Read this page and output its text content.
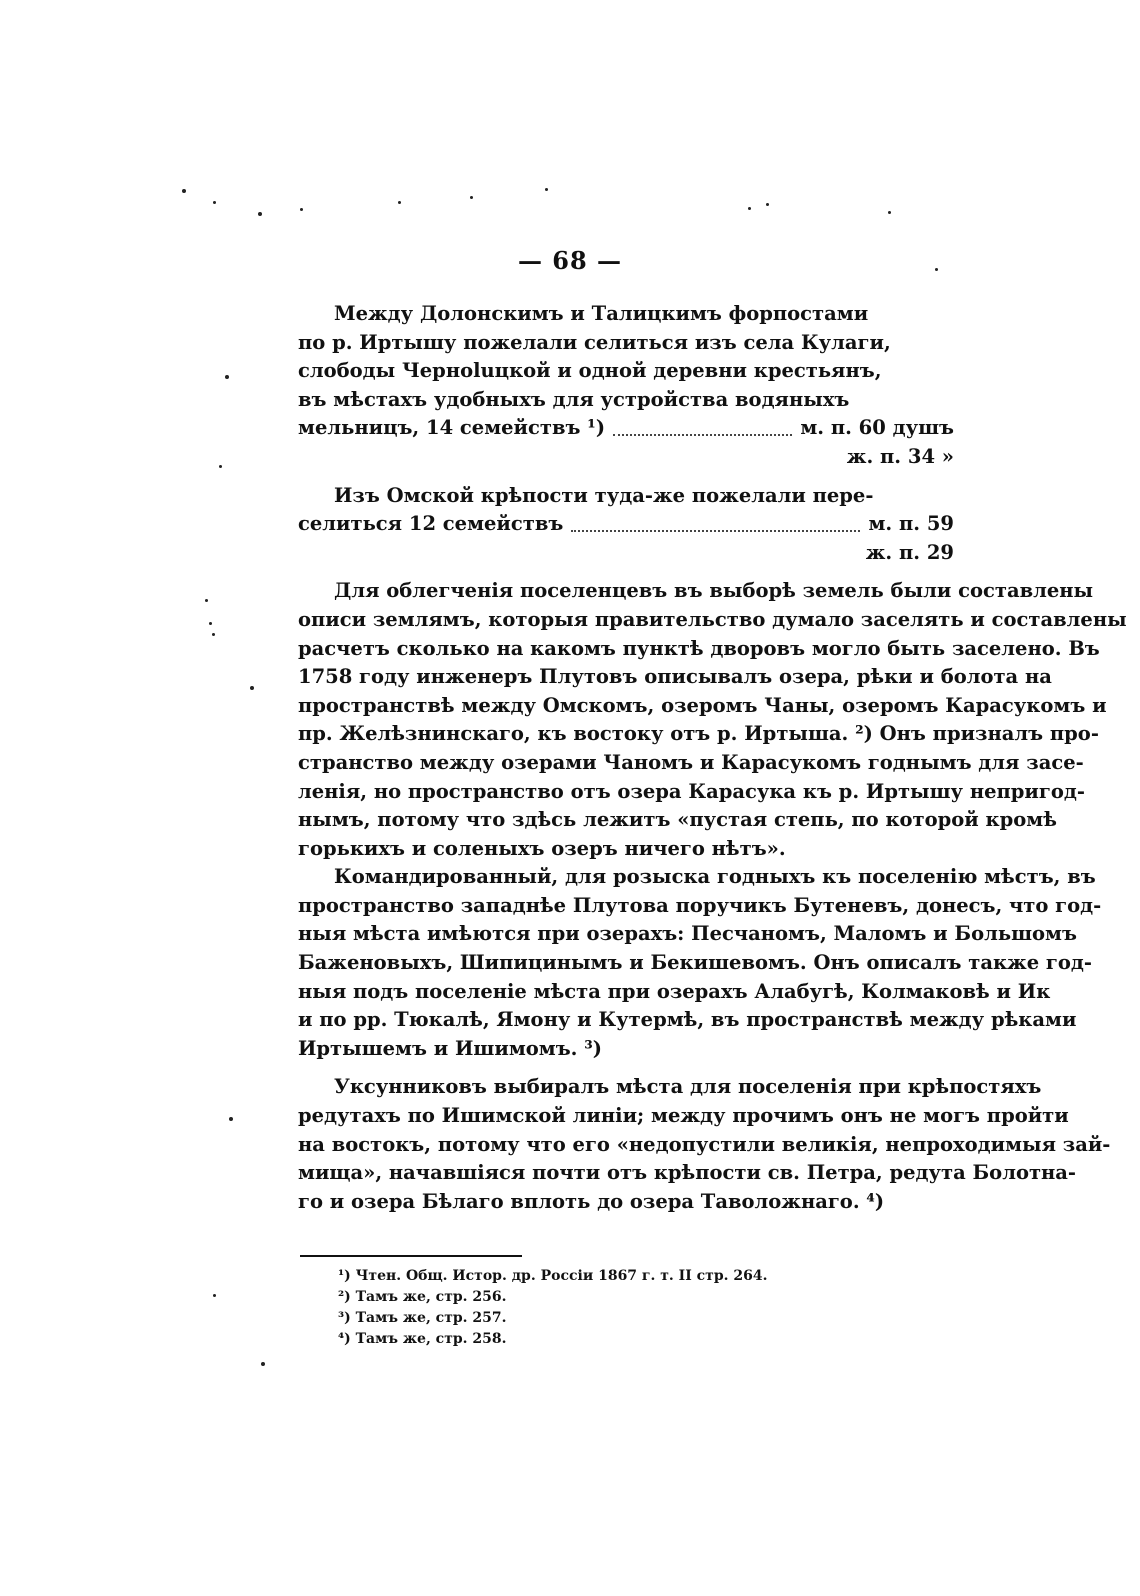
— 68 —
Между Долонскимъ и Талицкимъ форпостами
по р. Иртышу пожелали селиться изъ села Кулаги,
слободы Черноluцкой и одной деревни крестьянъ,
въ мѣстахъ удобныхъ для устройства водяныхъ
мельницъ, 14 семействъ ¹)	м. п. 60 душъ
ж. п. 34 »
Изъ Омской крѣпости туда-же пожелали пере-
селиться 12 семействъ	м. п. 59
ж. п. 29
Для облегченія поселенцевъ въ выборѣ земель были составлены
описи землямъ, которыя правительство думало заселять и составлены
расчетъ сколько на какомъ пунктѣ дворовъ могло быть заселено. Въ
1758 году инженеръ Плутовъ описывалъ озера, рѣки и болота на
пространствѣ между Омскомъ, озеромъ Чаны, озеромъ Карасукомъ и
пр. Желѣзнинскаго, къ востоку отъ р. Иртыша. ²) Онъ призналъ про-
странство между озерами Чаномъ и Карасукомъ годнымъ для засе-
ленія, но пространство отъ озера Карасука къ р. Иртышу непригод-
нымъ, потому что здѣсь лежитъ «пустая степь, по которой кромѣ
горькихъ и соленыхъ озеръ ничего нѣтъ».
Командированный, для розыска годныхъ къ поселенію мѣстъ, въ
пространство западнѣе Плутова поручикъ Бутеневъ, донесъ, что год-
ныя мѣста имѣются при озерахъ: Песчаномъ, Маломъ и Большомъ
Баженовыхъ, Шипицинымъ и Бекишевомъ. Онъ описалъ также год-
ныя подъ поселеніе мѣста при озерахъ Алабугѣ, Колмаковѣ и Ик
и по рр. Тюкалѣ, Ямону и Кутермѣ, въ пространствѣ между рѣками
Иртышемъ и Ишимомъ. ³)
Уксунниковъ выбиралъ мѣста для поселенія при крѣпостяхъ
редутахъ по Ишимской линіи; между прочимъ онъ не могъ пройти
на востокъ, потому что его «недопустили великія, непроходимыя зай-
мища», начавшіяся почти отъ крѣпости св. Петра, редута Болотна-
го и озера Бѣлаго вплоть до озера Таволожнаго. ⁴)
¹) Чтен. Общ. Истор. др. Россіи 1867 г. т. II стр. 264.
²) Тамъ же, стр. 256.
³) Тамъ же, стр. 257.
⁴) Тамъ же, стр. 258.
